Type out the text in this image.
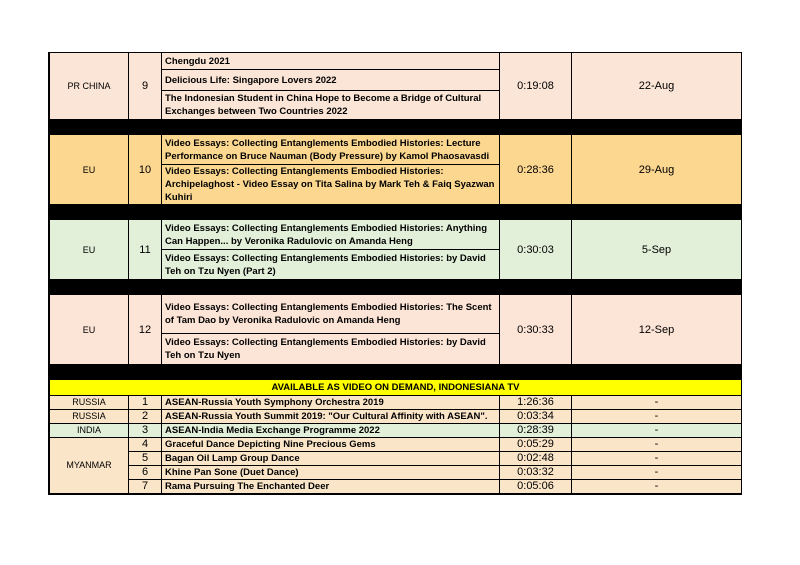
PR CHINA	9	Chengdu 2021	0:19:08	22-Aug
		Delicious Life: Singapore Lovers 2022		
		The Indonesian Student in China Hope to Become a Bridge of Cultural Exchanges between Two Countries 2022		

EU	10	Video Essays: Collecting Entanglements Embodied Histories: Lecture Performance on Bruce Nauman (Body Pressure) by Kamol Phaosavasdi	0:28:36	29-Aug
		Video Essays: Collecting Entanglements Embodied Histories: Archipelaghost - Video Essay on Tita Salina by Mark Teh & Faiq Syazwan Kuhiri		

EU	11	Video Essays: Collecting Entanglements Embodied Histories: Anything Can Happen... by Veronika Radulovic on Amanda Heng	0:30:03	5-Sep
		Video Essays: Collecting Entanglements Embodied Histories: by David Teh on Tzu Nyen (Part 2)		

EU	12	Video Essays: Collecting Entanglements Embodied Histories: The Scent of Tam Dao by Veronika Radulovic on Amanda Heng	0:30:33	12-Sep
		Video Essays: Collecting Entanglements Embodied Histories: by David Teh on Tzu Nyen		

AVAILABLE AS VIDEO ON DEMAND, INDONESIANA TV				
RUSSIA	1	ASEAN-Russia Youth Symphony Orchestra 2019	1:26:36	-
RUSSIA	2	ASEAN-Russia Youth Summit 2019: "Our Cultural Affinity with ASEAN".	0:03:34	-
INDIA	3	ASEAN-India Media Exchange Programme 2022	0:28:39	-
MYANMAR	4	Graceful Dance Depicting Nine Precious Gems	0:05:29	-
	5	Bagan Oil Lamp Group Dance	0:02:48	-
	6	Khine Pan Sone (Duet Dance)	0:03:32	-
	7	Rama Pursuing The Enchanted Deer	0:05:06	-
